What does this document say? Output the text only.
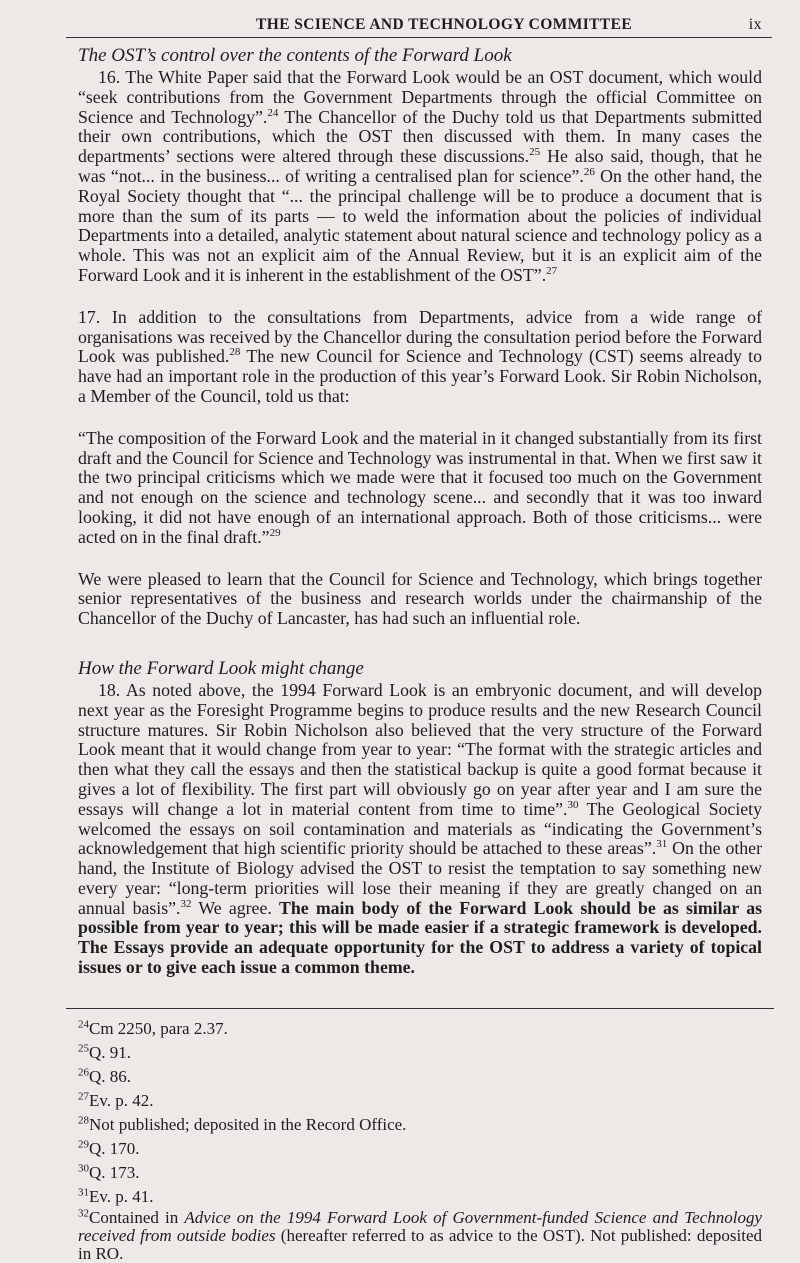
THE SCIENCE AND TECHNOLOGY COMMITTEE	ix
The OST’s control over the contents of the Forward Look

16. The White Paper said that the Forward Look would be an OST document, which would “seek contributions from the Government Departments through the official Committee on Science and Technology”.$^{24}$ The Chancellor of the Duchy told us that Departments submitted their own contributions, which the OST then discussed with them. In many cases the departments’ sections were altered through these discussions.$^{25}$ He also said, though, that he was “not... in the business... of writing a centralised plan for science”.$^{26}$ On the other hand, the Royal Society thought that “... the principal challenge will be to produce a document that is more than the sum of its parts — to weld the information about the policies of individual Departments into a detailed, analytic statement about natural science and technology policy as a whole. This was not an explicit aim of the Annual Review, but it is an explicit aim of the Forward Look and it is inherent in the establishment of the OST”.$^{27}$

17. In addition to the consultations from Departments, advice from a wide range of organisations was received by the Chancellor during the consultation period before the Forward Look was published.$^{28}$ The new Council for Science and Technology (CST) seems already to have had an important role in the production of this year’s Forward Look. Sir Robin Nicholson, a Member of the Council, told us that:

“The composition of the Forward Look and the material in it changed substantially from its first draft and the Council for Science and Technology was instrumental in that. When we first saw it the two principal criticisms which we made were that it focused too much on the Government and not enough on the science and technology scene... and secondly that it was too inward looking, it did not have enough of an international approach. Both of those criticisms... were acted on in the final draft.”$^{29}$

We were pleased to learn that the Council for Science and Technology, which brings together senior representatives of the business and research worlds under the chairmanship of the Chancellor of the Duchy of Lancaster, has had such an influential role.

How the Forward Look might change

18. As noted above, the 1994 Forward Look is an embryonic document, and will develop next year as the Foresight Programme begins to produce results and the new Research Council structure matures. Sir Robin Nicholson also believed that the very structure of the Forward Look meant that it would change from year to year: “The format with the strategic articles and then what they call the essays and then the statistical backup is quite a good format because it gives a lot of flexibility. The first part will obviously go on year after year and I am sure the essays will change a lot in material content from time to time”.$^{30}$ The Geological Society welcomed the essays on soil contamination and materials as “indicating the Government’s acknowledgement that high scientific priority should be attached to these areas”.$^{31}$ On the other hand, the Institute of Biology advised the OST to resist the temptation to say something new every year: “long-term priorities will lose their meaning if they are greatly changed on an annual basis”.$^{32}$ We agree. The main body of the Forward Look should be as similar as possible from year to year; this will be made easier if a strategic framework is developed. The Essays provide an adequate opportunity for the OST to address a variety of topical issues or to give each issue a common theme.

$^{24}$Cm 2250, para 2.37.

$^{25}$Q. 91.

$^{26}$Q. 86.

$^{27}$Ev. p. 42.

$^{28}$Not published; deposited in the Record Office.

$^{29}$Q. 170.

$^{30}$Q. 173.

$^{31}$Ev. p. 41.

$^{32}$Contained in Advice on the 1994 Forward Look of Government-funded Science and Technology received from outside bodies (hereafter referred to as advice to the OST). Not published: deposited in RO.
